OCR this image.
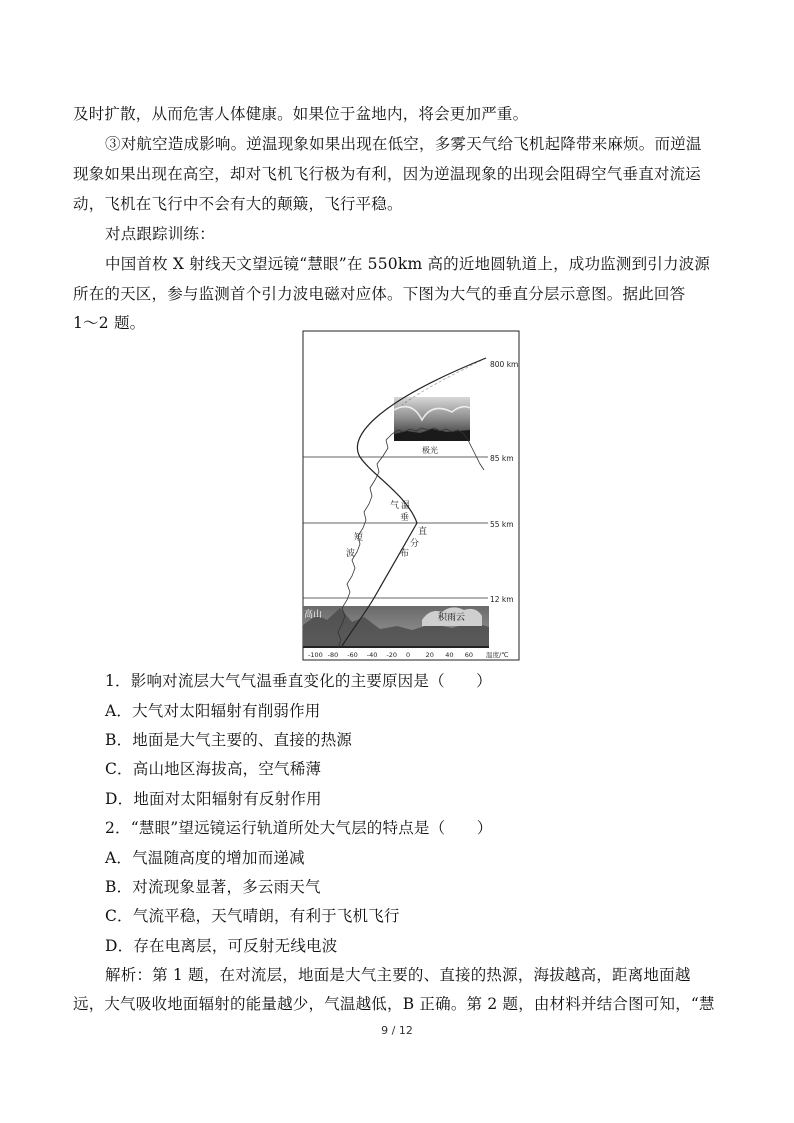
及时扩散，从而危害人体健康。如果位于盆地内，将会更加严重。
③对航空造成影响。逆温现象如果出现在低空，多雾天气给飞机起降带来麻烦。而逆温
现象如果出现在高空，却对飞机飞行极为有利，因为逆温现象的出现会阻碍空气垂直对流运
动，飞机在飞行中不会有大的颠簸，飞行平稳。
对点跟踪训练：
中国首枚 X 射线天文望远镜“慧眼”在 550km 高的近地圆轨道上，成功监测到引力波源
所在的天区，参与监测首个引力波电磁对应体。下图为大气的垂直分层示意图。据此回答
1～2 题。
800 km
85 km
55 km
12 km
极光
高山	积雨云
气 温
垂
直
分
布
短
波
-100 -80 -60 -40 -20 0 20 40 60 温度/℃
1．影响对流层大气气温垂直变化的主要原因是（　　）
A．大气对太阳辐射有削弱作用
B．地面是大气主要的、直接的热源
C．高山地区海拔高，空气稀薄
D．地面对太阳辐射有反射作用
2．“慧眼”望远镜运行轨道所处大气层的特点是（　　）
A．气温随高度的增加而递减
B．对流现象显著，多云雨天气
C．气流平稳，天气晴朗，有利于飞机飞行
D．存在电离层，可反射无线电波
解析：第 1 题，在对流层，地面是大气主要的、直接的热源，海拔越高，距离地面越
远，大气吸收地面辐射的能量越少，气温越低，B 正确。第 2 题，由材料并结合图可知，“慧
9 / 12
